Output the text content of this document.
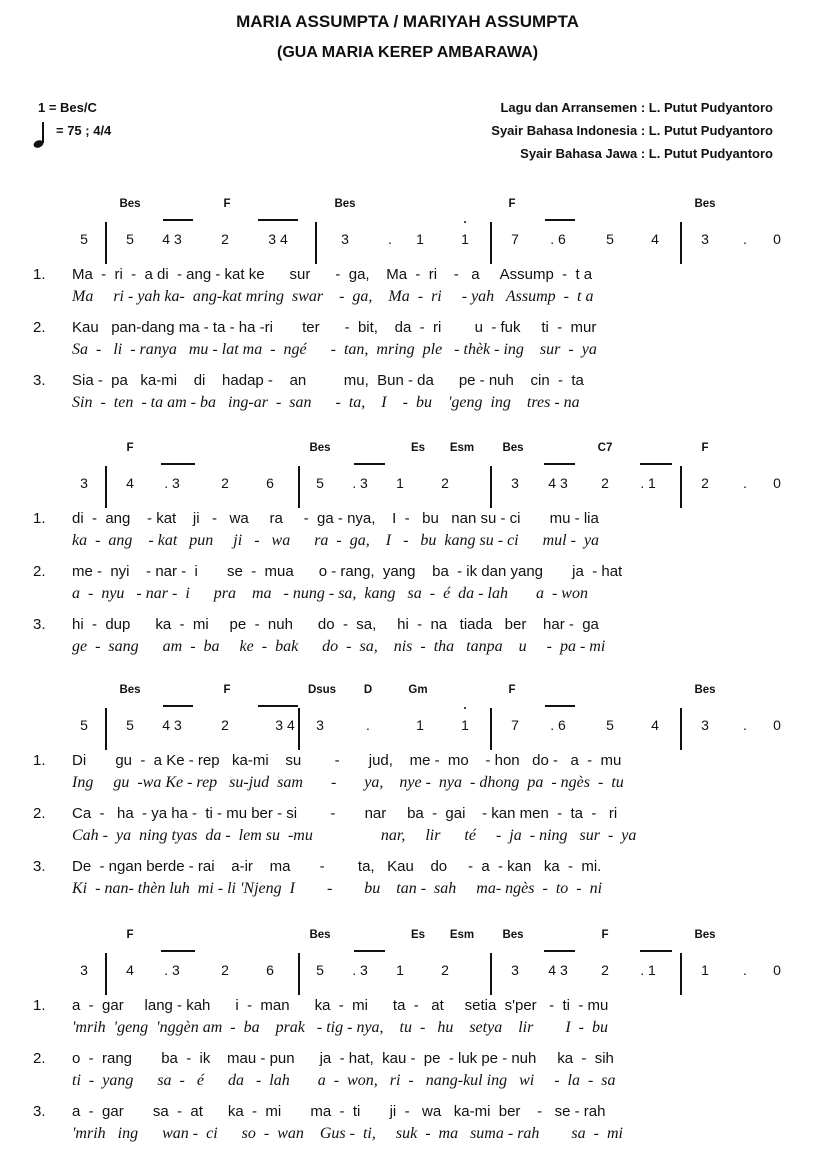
MARIA ASSUMPTA / MARIYAH ASSUMPTA
(GUA MARIA KEREP AMBARAWA)
1 = Bes/C
= 75 ; 4/4
Lagu dan Arransemen : L. Putut Pudyantoro
Syair Bahasa Indonesia : L. Putut Pudyantoro
Syair Bahasa Jawa : L. Putut Pudyantoro
Bes	F	Bes	F	Bes
5	5 4 3	2	3 4	3	. 1	1	7 . 6	5	4	3 . 0
1. Ma  -  ri  -  a di  - ang - kat ke      sur      -  ga,    Ma  -  ri    -   a     Assump  -  t a
Ma     ri - yah ka-  ang-kat mring  swar    -  ga,    Ma  -  ri     - yah   Assump  -  t a
2. Kau   pan-dang ma - ta - ha -ri       ter      -  bit,    da  -  ri        u  - fuk     ti  -  mur
Sa  -   li  - ranya   mu - lat ma  -  ngé      -  tan,  mring  ple   - thèk - ing    sur  -  ya
3. Sia -  pa   ka-mi    di    hadap -    an         mu,  Bun - da      pe - nuh    cin  -  ta
Sin  -  ten  - ta am - ba   ing-ar  -  san      -  ta,    I    -  bu    'geng  ing    tres - na
F	Bes	Es Esm Bes	C7	F
3	4 . 3	2	6	5 . 3 1	2	3 4 3 2 . 1	2 . 0
1. di  -  ang    - kat    ji   -   wa     ra     -  ga - nya,    I  -   bu   nan su - ci       mu - lia
ka  -  ang    - kat   pun     ji   -   wa      ra  -  ga,    I   -   bu  kang su - ci      mul -  ya
2. me -  nyi    - nar -  i       se  -  mua      o - rang,  yang    ba  - ik dan yang       ja  - hat
a  -  nyu   - nar -  i      pra    ma   - nung - sa,  kang   sa  -  é  da - lah       a  - won
3. hi  -  dup      ka  -  mi     pe  -  nuh      do  -  sa,     hi  -  na   tiada   ber    har -  ga
ge  -  sang      am  -  ba     ke  -  bak      do  -  sa,    nis  -  tha   tanpa    u     -  pa - mi
Bes	F	Dsus D	Gm	F	Bes
5	5 4 3	2	3 4 3	.	1	1	7 . 6	5	4	3 . 0
1. Di       gu  -  a Ke - rep   ka-mi    su        -       jud,    me -  mo    - hon   do -   a  -  mu
Ing     gu  -wa Ke - rep   su-jud  sam       -       ya,    nye -  nya  - dhong  pa  - ngès  -  tu
2. Ca  -   ha  - ya ha -  ti - mu ber - si        -       nar     ba  -  gai    - kan men  -  ta  -   ri
Cah -  ya  ning tyas  da -  lem su  -mu                 nar,     lir      té     -  ja  - ning   sur  -  ya
3. De  - ngan berde - rai    a-ir    ma       -        ta,   Kau    do     -  a  - kan   ka  -  mi.
Ki  - nan- thèn luh  mi - li 'Njeng  I        -        bu    tan -  sah     ma- ngès  -  to  -  ni
F	Bes	Es Esm Bes	F	Bes
3	4 . 3	2	6	5 . 3 1	2	3 4 3 2 . 1	1 . 0
1. a  -  gar     lang - kah      i  -  man      ka  -  mi      ta  -   at     setia  s'per   -  ti  - mu
'mrih  'geng  'nggèn am  -  ba    prak   - tig - nya,    tu  -   hu    setya    lir        I  -  bu
2. o  -  rang       ba  -  ik    mau - pun      ja  - hat,  kau -  pe  - luk pe - nuh     ka  -  sih
ti  -  yang      sa  -   é      da   -  lah       a  -  won,   ri  -   nang-kul ing   wi     -  la  -  sa
3. a  -  gar       sa  -  at      ka  -  mi       ma  -  ti       ji  -   wa   ka-mi  ber    -   se - rah
'mrih   ing      wan -  ci      so  -  wan    Gus -  ti,     suk  -  ma   suma - rah        sa  -  mi
